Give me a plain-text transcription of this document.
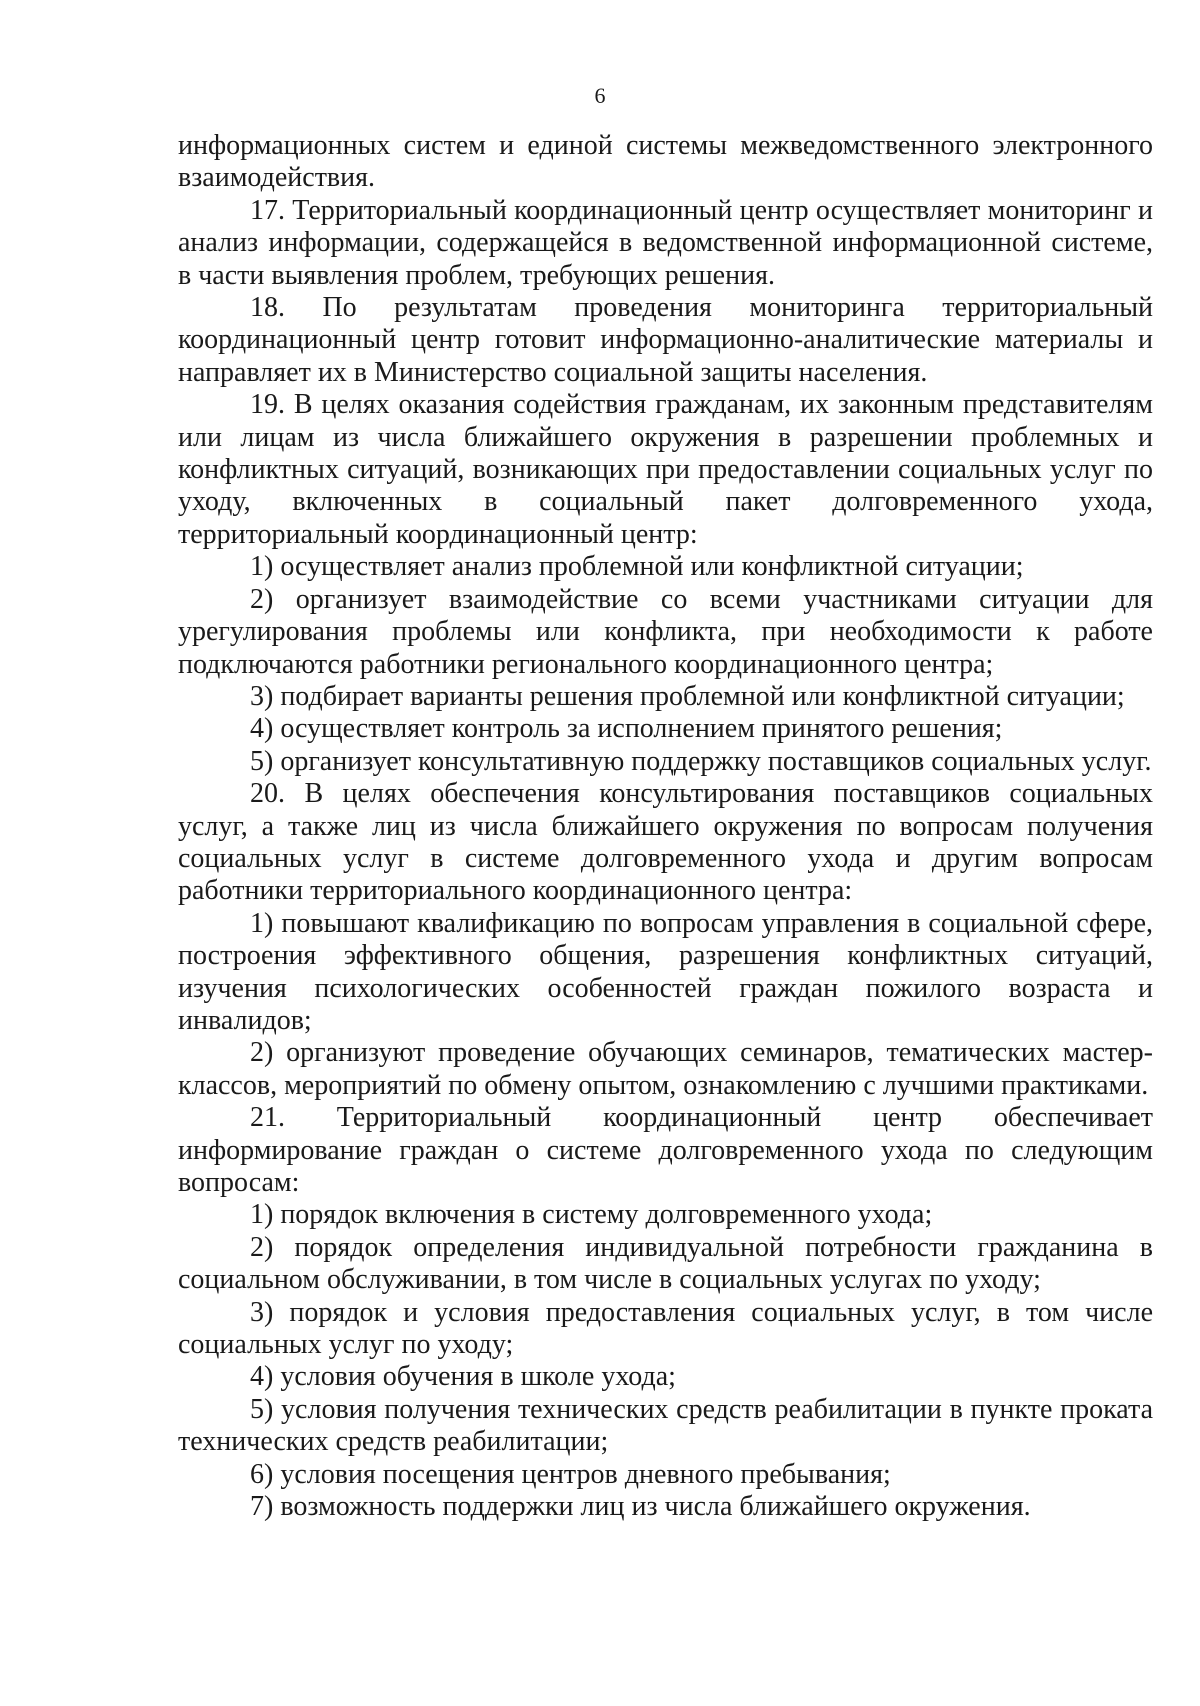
6

информационных систем и единой системы межведомственного электронного взаимодействия.

17. Территориальный координационный центр осуществляет мониторинг и анализ информации, содержащейся в ведомственной информационной системе, в части выявления проблем, требующих решения.

18. По результатам проведения мониторинга территориальный координационный центр готовит информационно-аналитические материалы и направляет их в Министерство социальной защиты населения.

19. В целях оказания содействия гражданам, их законным представителям или лицам из числа ближайшего окружения в разрешении проблемных и конфликтных ситуаций, возникающих при предоставлении социальных услуг по уходу, включенных в социальный пакет долговременного ухода, территориальный координационный центр:

1) осуществляет анализ проблемной или конфликтной ситуации;

2) организует взаимодействие со всеми участниками ситуации для урегулирования проблемы или конфликта, при необходимости к работе подключаются работники регионального координационного центра;

3) подбирает варианты решения проблемной или конфликтной ситуации;

4) осуществляет контроль за исполнением принятого решения;

5) организует консультативную поддержку поставщиков социальных услуг.

20. В целях обеспечения консультирования поставщиков социальных услуг, а также лиц из числа ближайшего окружения по вопросам получения социальных услуг в системе долговременного ухода и другим вопросам работники территориального координационного центра:

1) повышают квалификацию по вопросам управления в социальной сфере, построения эффективного общения, разрешения конфликтных ситуаций, изучения психологических особенностей граждан пожилого возраста и инвалидов;

2) организуют проведение обучающих семинаров, тематических мастер-классов, мероприятий по обмену опытом, ознакомлению с лучшими практиками.

21. Территориальный координационный центр обеспечивает информирование граждан о системе долговременного ухода по следующим вопросам:

1) порядок включения в систему долговременного ухода;

2) порядок определения индивидуальной потребности гражданина в социальном обслуживании, в том числе в социальных услугах по уходу;

3) порядок и условия предоставления социальных услуг, в том числе социальных услуг по уходу;

4) условия обучения в школе ухода;

5) условия получения технических средств реабилитации в пункте проката технических средств реабилитации;

6) условия посещения центров дневного пребывания;

7) возможность поддержки лиц из числа ближайшего окружения.
